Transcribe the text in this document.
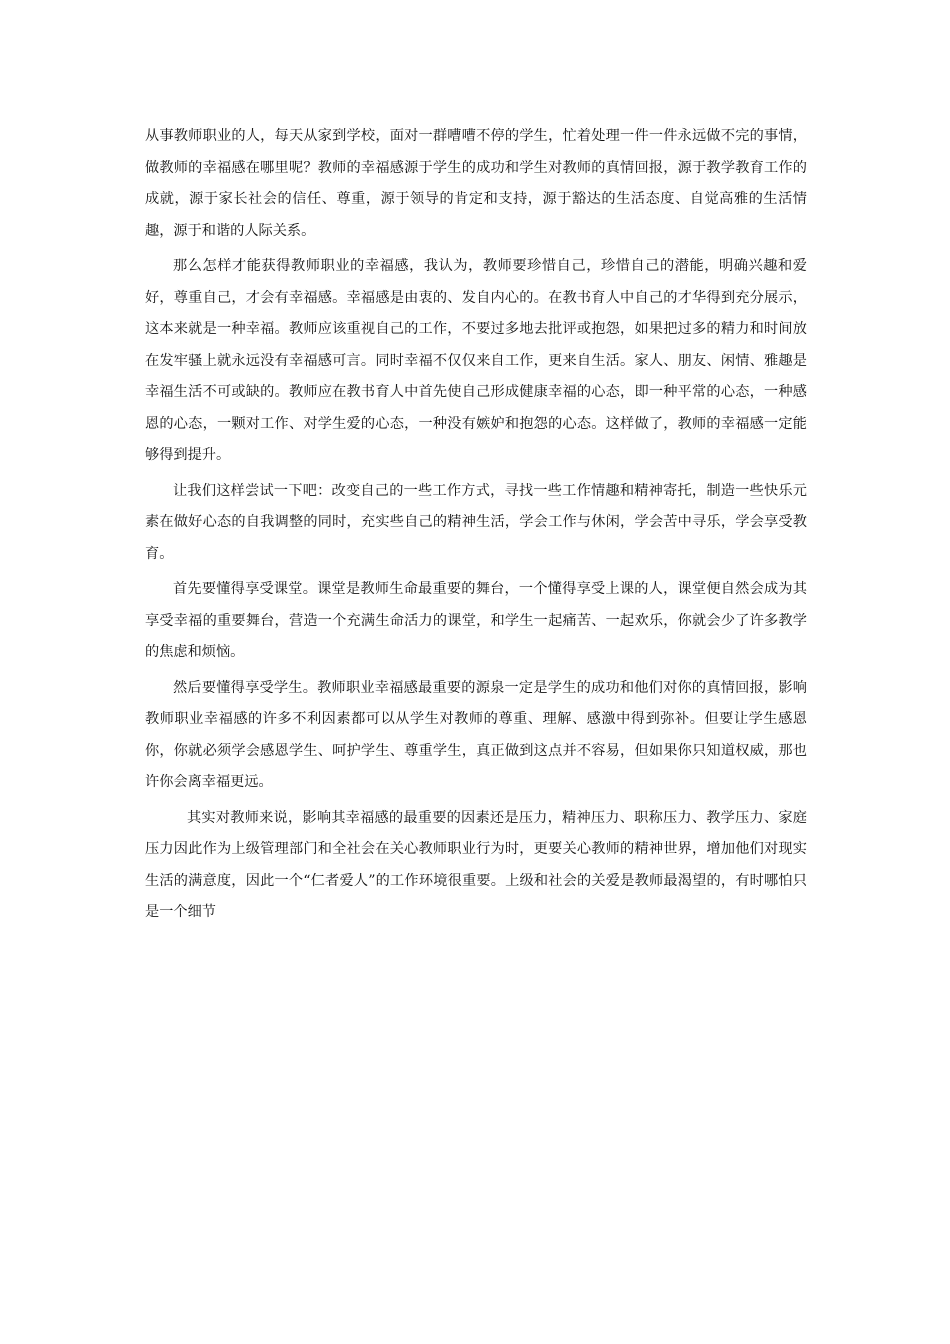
从事教师职业的人，每天从家到学校，面对一群嘈嘈不停的学生，忙着处理一件一件永远做不完的事情，做教师的幸福感在哪里呢？教师的幸福感源于学生的成功和学生对教师的真情回报，源于教学教育工作的成就，源于家长社会的信任、尊重，源于领导的肯定和支持，源于豁达的生活态度、自觉高雅的生活情趣，源于和谐的人际关系。

那么怎样才能获得教师职业的幸福感，我认为，教师要珍惜自己，珍惜自己的潜能，明确兴趣和爱好，尊重自己，才会有幸福感。幸福感是由衷的、发自内心的。在教书育人中自己的才华得到充分展示，这本来就是一种幸福。教师应该重视自己的工作，不要过多地去批评或抱怨，如果把过多的精力和时间放在发牢骚上就永远没有幸福感可言。同时幸福不仅仅来自工作，更来自生活。家人、朋友、闲情、雅趣是幸福生活不可或缺的。教师应在教书育人中首先使自己形成健康幸福的心态，即一种平常的心态，一种感恩的心态，一颗对工作、对学生爱的心态，一种没有嫉妒和抱怨的心态。这样做了，教师的幸福感一定能够得到提升。

让我们这样尝试一下吧：改变自己的一些工作方式，寻找一些工作情趣和精神寄托，制造一些快乐元素在做好心态的自我调整的同时，充实些自己的精神生活，学会工作与休闲，学会苦中寻乐，学会享受教育。

首先要懂得享受课堂。课堂是教师生命最重要的舞台，一个懂得享受上课的人，课堂便自然会成为其享受幸福的重要舞台，营造一个充满生命活力的课堂，和学生一起痛苦、一起欢乐，你就会少了许多教学的焦虑和烦恼。

然后要懂得享受学生。教师职业幸福感最重要的源泉一定是学生的成功和他们对你的真情回报，影响教师职业幸福感的许多不利因素都可以从学生对教师的尊重、理解、感激中得到弥补。但要让学生感恩你，你就必须学会感恩学生、呵护学生、尊重学生，真正做到这点并不容易，但如果你只知道权威，那也许你会离幸福更远。

其实对教师来说，影响其幸福感的最重要的因素还是压力，精神压力、职称压力、教学压力、家庭压力因此作为上级管理部门和全社会在关心教师职业行为时，更要关心教师的精神世界，增加他们对现实生活的满意度，因此一个“仁者爱人”的工作环境很重要。上级和社会的关爱是教师最渴望的，有时哪怕只是一个细节
